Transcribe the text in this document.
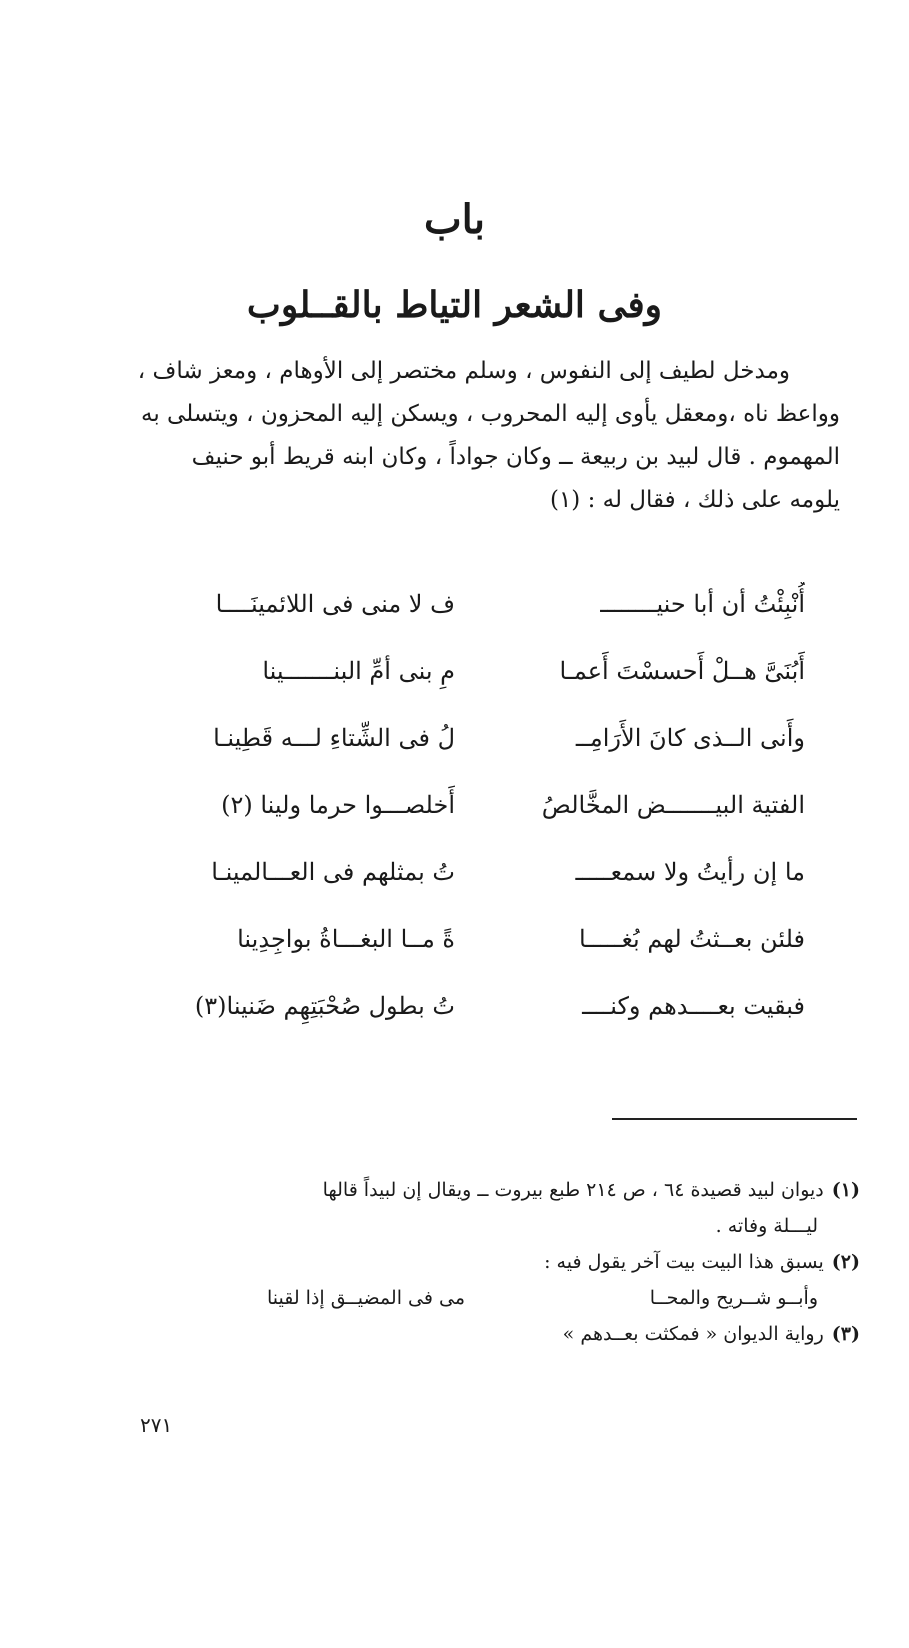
باب
وفى الشعر التياط بالقــلوب
ومدخل لطيف إلى النفوس ، وسلم مختصر إلى الأوهام ، ومعز شاف ،
وواعظ ناه ،ومعقل يأوى إليه المحروب ، ويسكن إليه المحزون ، ويتسلى به
المهموم . قال لبيد بن ربيعة ــ وكان جواداً ، وكان ابنه قريط أبو حنيف
يلومه على ذلك ، فقال له : (١)
أُنْبِئْتُ أن أبا حنيــــــــ
ف لا منى فى اللائمينَــــا
أَبُنَىَّ هــلْ أَحسسْتَ أَعمـا
مِ بنى أمِّ البنـــــــينا
وأَنى الــذى كانَ الأَرَامِــ
لُ فى الشِّتاءِ لـــه قَطِينـا
الفتية البيـــــــض المخَّالصُ
أَخلصـــوا حرما ولينا (٢)
ما إن رأيتُ ولا سمعـــــ
تُ بمثلهم فى العـــالمينـا
فلئن بعــثتُ لهم بُغـــــا
ةً مــا البغـــاةُ بواجِدِينا
فبقيت بعــــدهم وكنــــ
تُ بطول صُحْبَتِهِم ضَنينا(٣)
(١)ديوان لبيد قصيدة ٦٤ ، ص ٢١٤ طبع بيروت ــ ويقال إن لبيداً قالها
ليـــلة وفاته .
(٢)يسبق هذا البيت بيت آخر يقول فيه :
وأبــو شــريح والمحــا
مى فى المضيــق إذا لقينا
(٣)رواية الديوان « فمكثت بعــدهم »
٢٧١
